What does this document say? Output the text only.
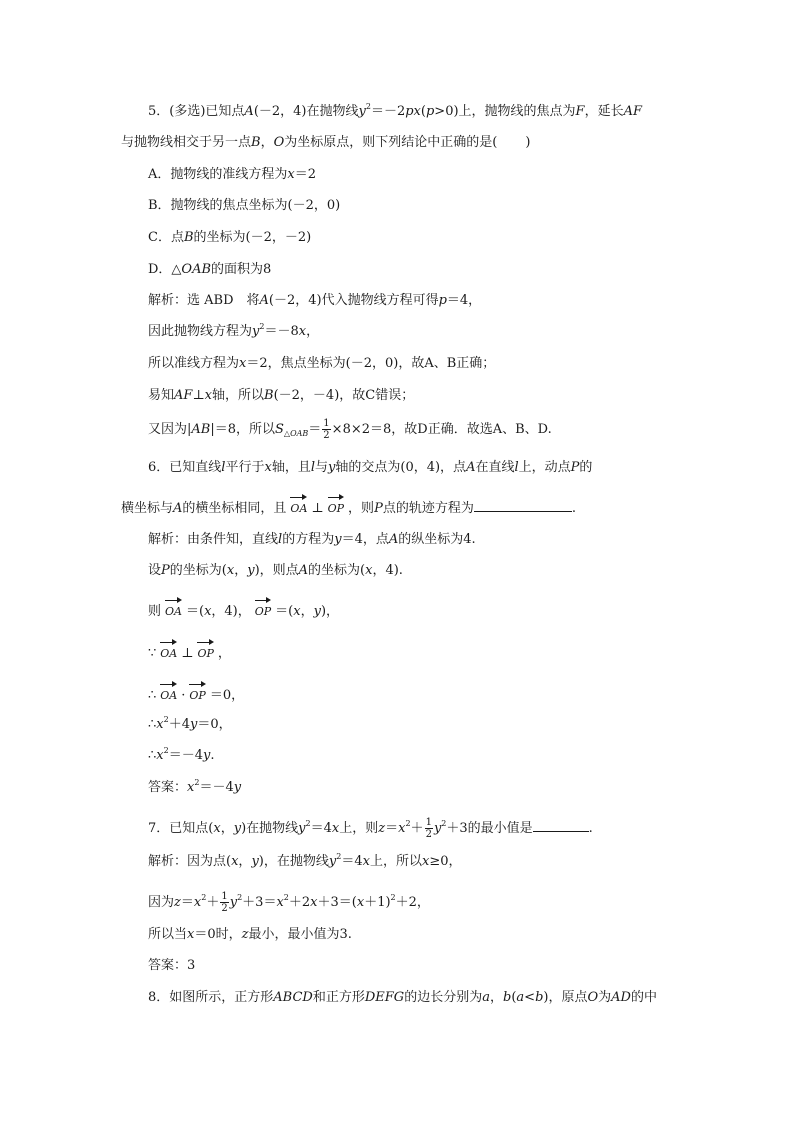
5．(多选)已知点A(－2，4)在抛物线$y^2=-2px(p>0)$上，抛物线的焦点为F，延长AF
与抛物线相交于另一点B，O为坐标原点，则下列结论中正确的是( )
A．抛物线的准线方程为x＝2
B．抛物线的焦点坐标为(－2，0)
C．点B的坐标为(－2，－2)
D．△OAB的面积为8
解析：选 ABD　将A(－2，4)代入抛物线方程可得p＝4，
因此抛物线方程为$y^2=-8x$，
所以准线方程为x＝2，焦点坐标为(－2，0)，故A、B正确；
易知AF⊥x轴，所以B(－2，－4)，故C错误；
又因为|AB|＝8，所以$S_{\triangle OAB}= \frac{1}{2} \times 8\times 2=8$，故D正确．故选A、B、D.
6．已知直线l平行于x轴，且l与y轴的交点为(0，4)，点A在直线l上，动点P的
横坐标与A的横坐标相同，且 OA ⊥ OP ，则P点的轨迹方程为	.
解析：由条件知，直线l的方程为y＝4，点A的纵坐标为4.
设P的坐标为(x，y)，则点A的坐标为(x，4).
则 OA ＝(x，4)， OP ＝(x，y)，
∵ OA ⊥ OP ，
∴ OA · OP ＝0，
$\therefore x^2+4y=0$，
$\therefore x^2=-4y$.
答案：$x^2=-4y$
7．已知点(x，y)在抛物线$y^2=4x$上，则$z=x^2+ \frac{1}{2} y^2+3$的最小值是	.
解析：因为点(x，y)，在抛物线$y^2=4x$上，所以x≥0，
因为$z=x^2+ \frac{1}{2} y^2+3=x^2+2x+3=(x+1)^2+2$，
所以当x＝0时，z最小，最小值为3.
答案：3
8．如图所示，正方形ABCD和正方形DEFG的边长分别为a，b(a<b)，原点O为AD的中
